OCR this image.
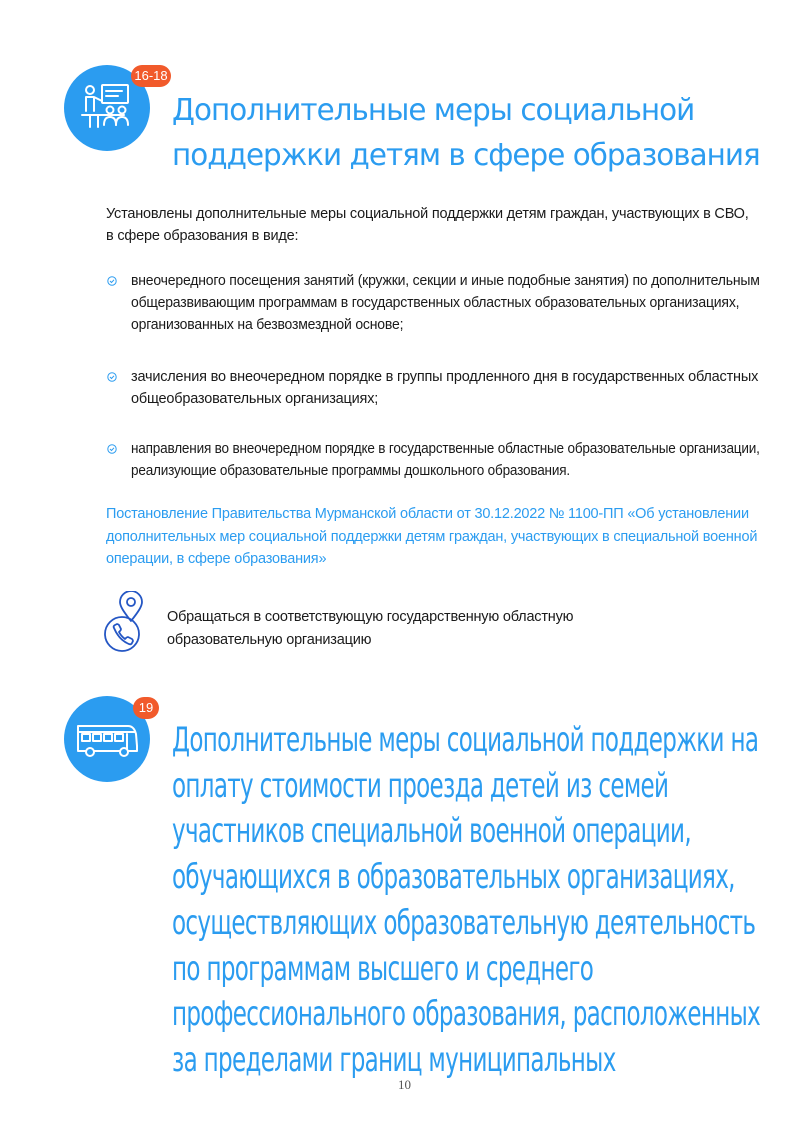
16-18
Дополнительные меры социальной
поддержки детям в сфере образования
Установлены дополнительные меры социальной поддержки детям граждан, участвующих в СВО,
в сфере образования в виде:
внеочередного посещения занятий (кружки, секции и иные подобные занятия) по дополнительным
общеразвивающим программам в государственных областных образовательных организациях,
организованных на безвозмездной основе;
зачисления во внеочередном порядке в группы продленного дня в государственных областных
общеобразовательных организациях;
направления во внеочередном порядке в государственные областные образовательные организации,
реализующие образовательные программы дошкольного образования.
Постановление Правительства Мурманской области от 30.12.2022 № 1100-ПП «Об установлении
дополнительных мер социальной поддержки детям граждан, участвующих в специальной военной
операции, в сфере образования»
Обращаться в соответствующую государственную областную
образовательную организацию
19
Дополнительные меры социальной поддержки на
оплату стоимости проезда детей из семей
участников специальной военной операции,
обучающихся в образовательных организациях,
осуществляющих образовательную деятельность
по программам высшего и среднего
профессионального образования, расположенных
за пределами границ муниципальных
10
